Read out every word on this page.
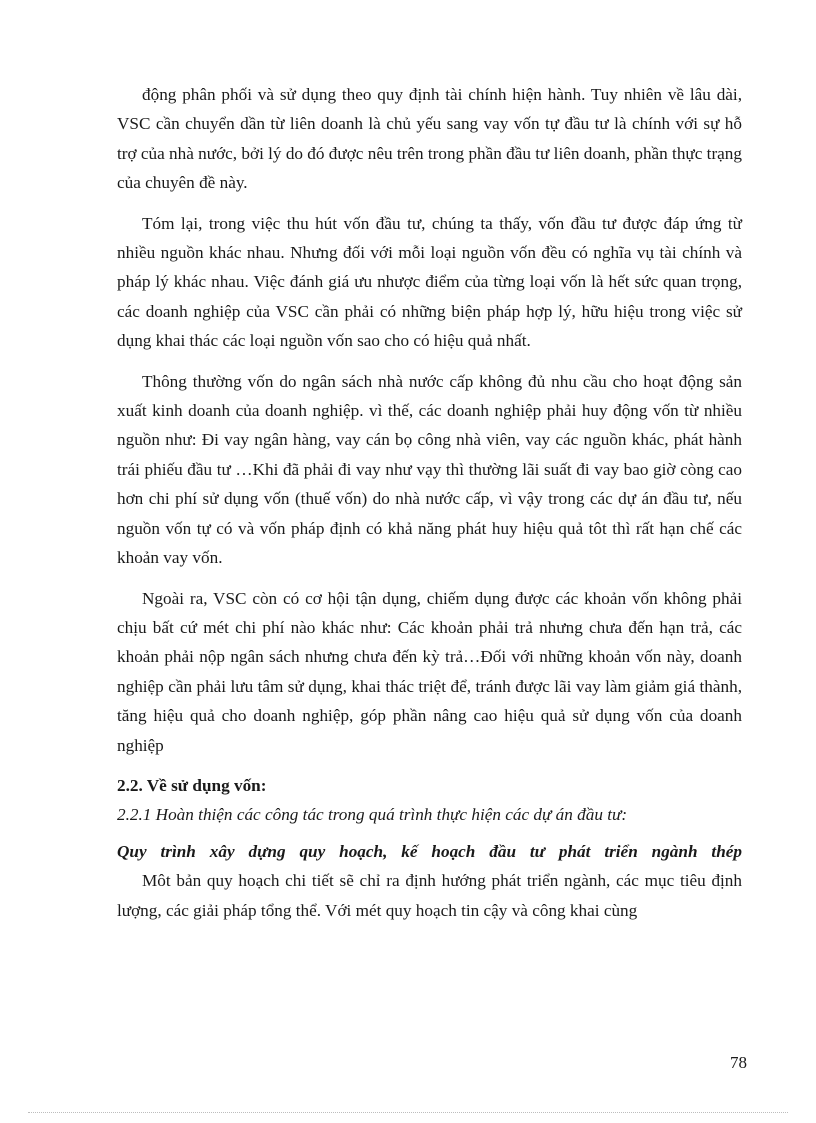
động phân phối và sử dụng theo quy định tài chính hiện hành. Tuy nhiên về lâu dài, VSC cần chuyển dần từ liên doanh là chủ yếu sang vay vốn tự đầu tư là chính với sự hỗ trợ của nhà nước, bởi lý do đó được nêu trên trong phần đầu tư liên doanh, phần thực trạng của chuyên đề này.

Tóm lại, trong việc thu hút vốn đầu tư, chúng ta thấy, vốn đầu tư được đáp ứng từ nhiều nguồn khác nhau. Nhưng đối với mỗi loại nguồn vốn đều có nghĩa vụ tài chính và pháp lý khác nhau. Việc đánh giá ưu nhược điểm của từng loại vốn là hết sức quan trọng, các doanh nghiệp của VSC cần phải có những biện pháp hợp lý, hữu hiệu trong việc sử dụng khai thác các loại nguồn vốn sao cho có hiệu quả nhất.

Thông thường vốn do ngân sách nhà nước cấp không đủ nhu cầu cho hoạt động sản xuất kinh doanh của doanh nghiệp. vì thế, các doanh nghiệp phải huy động vốn từ nhiều nguồn như: Đi vay ngân hàng, vay cán bọ công nhà viên, vay các nguồn khác, phát hành trái phiếu đầu tư …Khi đã phải đi vay như vạy thì thường lãi suất đi vay bao giờ còng cao hơn chi phí sử dụng vốn (thuế vốn) do nhà nước cấp, vì vậy trong các dự án đầu tư, nếu nguồn vốn tự có và vốn pháp định có khả năng phát huy hiệu quả tôt thì rất hạn chế các khoản vay vốn.

Ngoài ra, VSC còn có cơ hội tận dụng, chiếm dụng được các khoản vốn không phải chịu bất cứ mét chi phí nào khác như: Các khoản phải trả nhưng chưa đến hạn trả, các khoản phải nộp ngân sách nhưng chưa đến kỳ trả…Đối với những khoản vốn này, doanh nghiệp cần phải lưu tâm sử dụng, khai thác triệt để, tránh được lãi vay làm giảm giá thành, tăng hiệu quả cho doanh nghiệp, góp phần nâng cao hiệu quả sử dụng vốn của doanh nghiệp

2.2. Về sử dụng vốn:

2.2.1 Hoàn thiện các công tác trong quá trình thực hiện các dự án đầu tư:

Quy trình xây dựng quy hoạch, kế hoạch đầu tư phát triển ngành thép

Môt bản quy hoạch chi tiết sẽ chỉ ra định hướng phát triển ngành, các mục tiêu định lượng, các giải pháp tổng thể. Với mét quy hoạch tin cậy và công khai cùng

78
